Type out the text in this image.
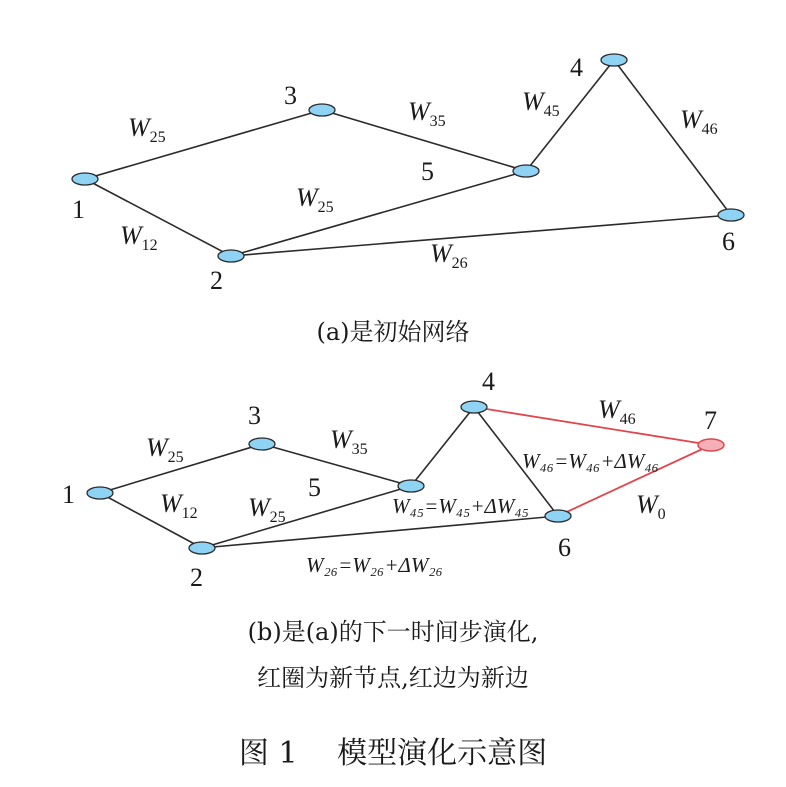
1
2
3
4
5
6
$W_{25}$
$W_{35}$
$W_{45}$	$W_{46}$
$W_{25}$
$W_{12}$	$W_{26}$
1
2
3
4
5
6
7
$W_{25}$
$W_{35}$
$W_{46}$
$W_{12}$ $W_{25}$	$W_0$
W₄₆=W₄₆+ΔW₄₆
W₄₅=W₄₅+ΔW₄₅
W₂₆=W₂₆+ΔW₂₆
(a)是初始网络
(b)是(a)的下一时间步演化,
红圈为新节点,红边为新边
图 1　 模型演化示意图
